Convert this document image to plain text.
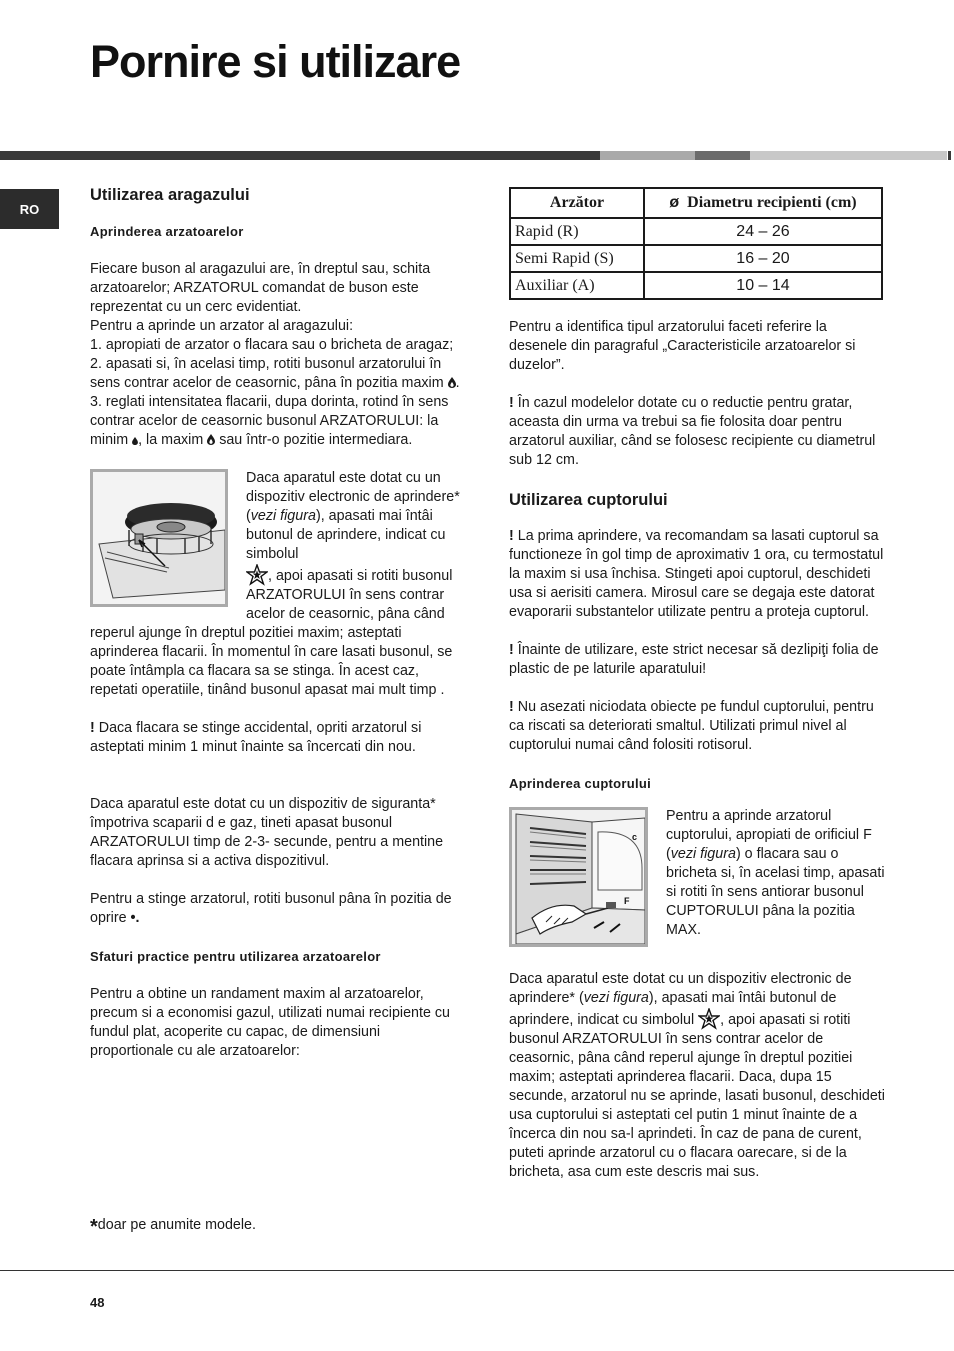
Pornire si utilizare
RO
Utilizarea aragazului
Aprinderea arzatoarelor

Fiecare buson al aragazului are, în dreptul sau, schita arzatoarelor; ARZATORUL comandat de buson este reprezentat cu un cerc evidentiat.

Pentru a aprinde un arzator al aragazului:

1. apropiati de arzator o flacara sau o bricheta de aragaz;

2. apasati si, în acelasi timp, rotiti busonul arzatorului în sens contrar acelor de ceasornic, pâna în pozitia maxim .

3. reglati intensitatea flacarii, dupa dorinta, rotind în sens contrar acelor de ceasornic busonul ARZATORULUI: la minim , la maxim  sau într-o pozitie intermediara.

Daca aparatul este dotat cu un dispozitiv electronic de aprindere* (vezi figura), apasati mai întâi butonul de aprindere, indicat cu simbolul
, apoi apasati si rotiti busonul ARZATORULUI în sens contrar acelor de ceasornic, pâna când reperul ajunge în dreptul pozitiei maxim; asteptati aprinderea flacarii. În momentul în care lasati busonul, se poate întâmpla ca flacara sa se stinga. În acest caz, repetati operatiile, tinând busonul apasat mai mult timp .

! Daca flacara se stinge accidental, opriti arzatorul si asteptati minim 1 minut înainte sa încercati din nou.

Daca aparatul este dotat cu un dispozitiv de siguranta* împotriva scaparii d e gaz, tineti apasat busonul ARZATORULUI timp de 2-3- secunde, pentru a mentine flacara aprinsa si a activa dispozitivul.

Pentru a stinge arzatorul, rotiti busonul pâna în pozitia de oprire •.

Sfaturi practice pentru utilizarea arzatoarelor

Pentru a obtine un randament maxim al arzatoarelor, precum si a economisi gazul, utilizati numai recipiente cu fundul plat, acoperite cu capac, de dimensiuni proportionale cu ale arzatoarelor:

Arzător	ø Diametru recipienti (cm)
Rapid (R)	24 – 26
Semi Rapid (S)	16 – 20
Auxiliar (A)	10 – 14

Pentru a identifica tipul arzatorului faceti referire la desenele din paragraful „Caracteristicile arzatoarelor si duzelor”.

! În cazul modelelor dotate cu o reductie pentru gratar, aceasta din urma va trebui sa fie folosita doar pentru arzatorul auxiliar, când se folosesc recipiente cu diametrul sub 12 cm.

Utilizarea cuptorului

! La prima aprindere, va recomandam sa lasati cuptorul sa functioneze în gol timp de aproximativ 1 ora, cu termostatul la maxim si usa închisa. Stingeti apoi cuptorul, deschideti usa si aerisiti camera. Mirosul care se degaja este datorat evaporarii substantelor utilizate pentru a proteja cuptorul.

! Înainte de utilizare, este strict necesar să dezlipiţi folia de plastic de pe laturile aparatului!

! Nu asezati niciodata obiecte pe fundul cuptorului, pentru ca riscati sa deteriorati smaltul. Utilizati primul nivel al cuptorului numai când folositi rotisorul.

Aprinderea cuptorului
F
c

Pentru a aprinde arzatorul cuptorului, apropiati de orificiul F (vezi figura) o flacara sau o bricheta si, în acelasi timp, apasati si rotiti în sens antiorar busonul CUPTORULUI pâna la pozitia MAX.

Daca aparatul este dotat cu un dispozitiv electronic de aprindere* (vezi figura), apasati mai întâi butonul de aprindere, indicat cu simbolul , apoi apasati si rotiti busonul ARZATORULUI în sens contrar acelor de ceasornic, pâna când reperul ajunge în dreptul pozitiei maxim; asteptati aprinderea flacarii. Daca, dupa 15 secunde, arzatorul nu se aprinde, lasati busonul, deschideti usa cuptorului si asteptati cel putin 1 minut înainte de a încerca din nou sa-l aprindeti. În caz de pana de curent, puteti aprinde arzatorul cu o flacara oarecare, si de la bricheta, asa cum este descris mai sus.

*doar pe anumite modele.
48
